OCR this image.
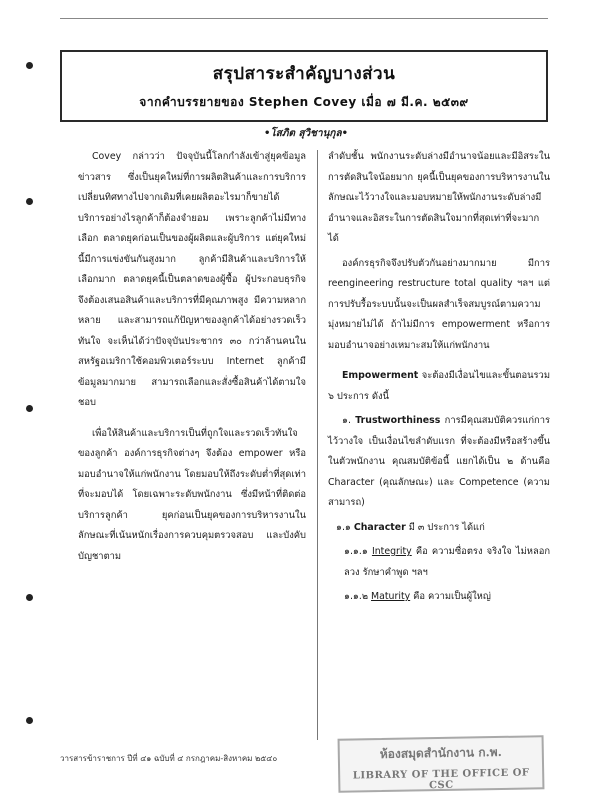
สรุปสาระสำคัญบางส่วน
จากคำบรรยายของ Stephen Covey เมื่อ ๗ มี.ค. ๒๕๓๙
•โสภิต สุวิชานุกุล•

Covey กล่าวว่า ปัจจุบันนี้โลกกำลังเข้าสู่ยุคข้อมูลข่าวสาร ซึ่งเป็นยุคใหม่ที่การผลิตสินค้าและการบริการ เปลี่ยนทิศทางไปจากเดิมที่เคยผลิตอะไรมาก็ขายได้ บริการอย่างไรลูกค้าก็ต้องจำยอม เพราะลูกค้าไม่มีทางเลือก ตลาดยุคก่อนเป็นของผู้ผลิตและผู้บริการ แต่ยุคใหม่นี้มีการแข่งขันกันสูงมาก ลูกค้ามีสินค้าและบริการให้เลือกมาก ตลาดยุคนี้เป็นตลาดของผู้ซื้อ ผู้ประกอบธุรกิจจึงต้องเสนอสินค้าและบริการที่มีคุณภาพสูง มีความหลากหลาย และสามารถแก้ปัญหาของลูกค้าได้อย่างรวดเร็วทันใจ จะเห็นได้ว่าปัจจุบันประชากร ๓๐ กว่าล้านคนในสหรัฐอเมริกาใช้คอมพิวเตอร์ระบบ Internet ลูกค้ามีข้อมูลมากมาย สามารถเลือกและสั่งซื้อสินค้าได้ตามใจชอบ

เพื่อให้สินค้าและบริการเป็นที่ถูกใจและรวดเร็วทันใจของลูกค้า องค์การธุรกิจต่างๆ จึงต้อง empower หรือมอบอำนาจให้แก่พนักงาน โดยมอบให้ถึงระดับต่ำที่สุดเท่าที่จะมอบได้ โดยเฉพาะระดับพนักงาน ซึ่งมีหน้าที่ติดต่อบริการลูกค้า ยุคก่อนเป็นยุคของการบริหารงานในลักษณะที่เน้นหนักเรื่องการควบคุมตรวจสอบ และบังคับบัญชาตาม

ลำดับชั้น พนักงานระดับล่างมีอำนาจน้อยและมีอิสระในการตัดสินใจน้อยมาก ยุคนี้เป็นยุคของการบริหารงานในลักษณะไว้วางใจและมอบหมายให้พนักงานระดับล่างมีอำนาจและอิสระในการตัดสินใจมากที่สุดเท่าที่จะมากได้

องค์กรธุรกิจจึงปรับตัวกันอย่างมากมาย มีการ reengineering restructure total quality ฯลฯ แต่การปรับรื้อระบบนั้นจะเป็นผลสำเร็จสมบูรณ์ตามความมุ่งหมายไม่ได้ ถ้าไม่มีการ empowerment หรือการมอบอำนาจอย่างเหมาะสมให้แก่พนักงาน

Empowerment จะต้องมีเงื่อนไขและขั้นตอนรวม ๖ ประการ ดังนี้

๑. Trustworthiness การมีคุณสมบัติควรแก่การไว้วางใจ เป็นเงื่อนไขลำดับแรก ที่จะต้องมีหรือสร้างขึ้นในตัวพนักงาน คุณสมบัติข้อนี้ แยกได้เป็น ๒ ด้านคือ Character (คุณลักษณะ) และ Competence (ความสามารถ)

๑.๑ Character มี ๓ ประการ ได้แก่

๑.๑.๑ Integrity คือ ความซื่อตรง จริงใจ ไม่หลอกลวง รักษาคำพูด ฯลฯ

๑.๑.๒ Maturity คือ ความเป็นผู้ใหญ่

วารสารข้าราชการ ปีที่ ๔๑ ฉบับที่ ๔ กรกฎาคม-สิงหาคม ๒๕๔๐	ห้องสมุดสำนักงาน ก.พ.
LIBRARY OF THE OFFICE OF CSC
